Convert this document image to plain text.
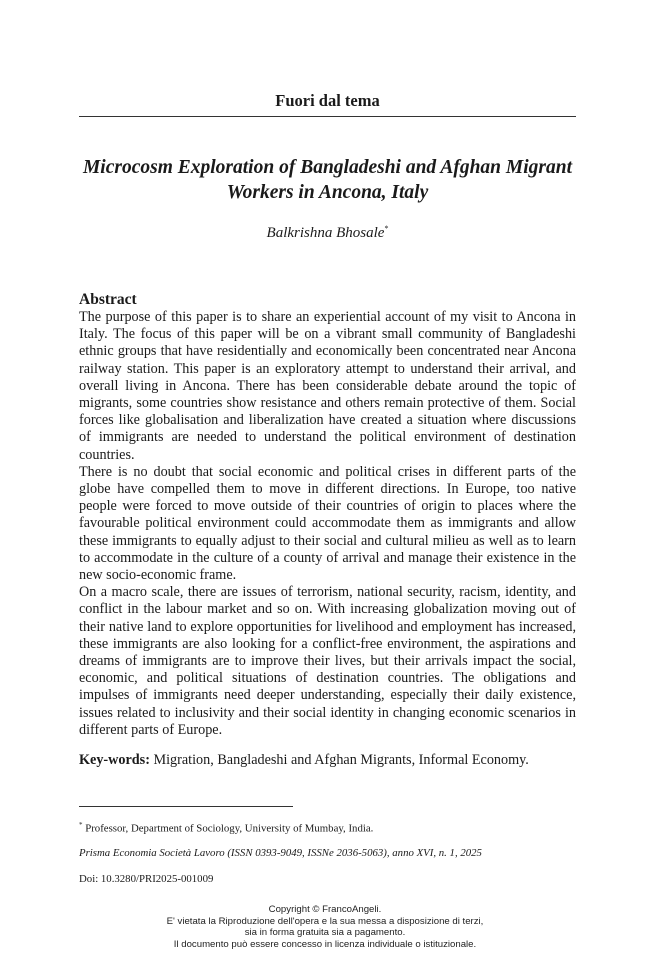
Fuori dal tema
Microcosm Exploration of Bangladeshi and Afghan Migrant
Workers in Ancona, Italy
Balkrishna Bhosale*
Abstract

The purpose of this paper is to share an experiential account of my visit to Ancona in Italy. The focus of this paper will be on a vibrant small community of Bangladeshi ethnic groups that have residentially and economically been concentrated near Ancona railway station. This paper is an exploratory attempt to understand their arrival, and overall living in Ancona. There has been considerable debate around the topic of migrants, some countries show resistance and others remain protective of them. Social forces like globalisation and liberalization have created a situation where discussions of immigrants are needed to understand the political environment of destination countries.

There is no doubt that social economic and political crises in different parts of the globe have compelled them to move in different directions. In Europe, too native people were forced to move outside of their countries of origin to places where the favourable political environment could accommodate them as immigrants and allow these immigrants to equally adjust to their social and cultural milieu as well as to learn to accommodate in the culture of a county of arrival and manage their existence in the new socio-economic frame.

On a macro scale, there are issues of terrorism, national security, racism, identity, and conflict in the labour market and so on. With increasing globalization moving out of their native land to explore opportunities for livelihood and employment has increased, these immigrants are also looking for a conflict-free environment, the aspirations and dreams of immigrants are to improve their lives, but their arrivals impact the social, economic, and political situations of destination countries. The obligations and impulses of immigrants need deeper understanding, especially their daily existence, issues related to inclusivity and their social identity in changing economic scenarios in different parts of Europe.

Key-words: Migration, Bangladeshi and Afghan Migrants, Informal Economy.
* Professor, Department of Sociology, University of Mumbay, India.
Prisma Economia Società Lavoro (ISSN 0393-9049, ISSNe 2036-5063), anno XVI, n. 1, 2025
Doi: 10.3280/PRI2025-001009
Copyright © FrancoAngeli.
E' vietata la Riproduzione dell'opera e la sua messa a disposizione di terzi,
sia in forma gratuita sia a pagamento.
Il documento può essere concesso in licenza individuale o istituzionale.
